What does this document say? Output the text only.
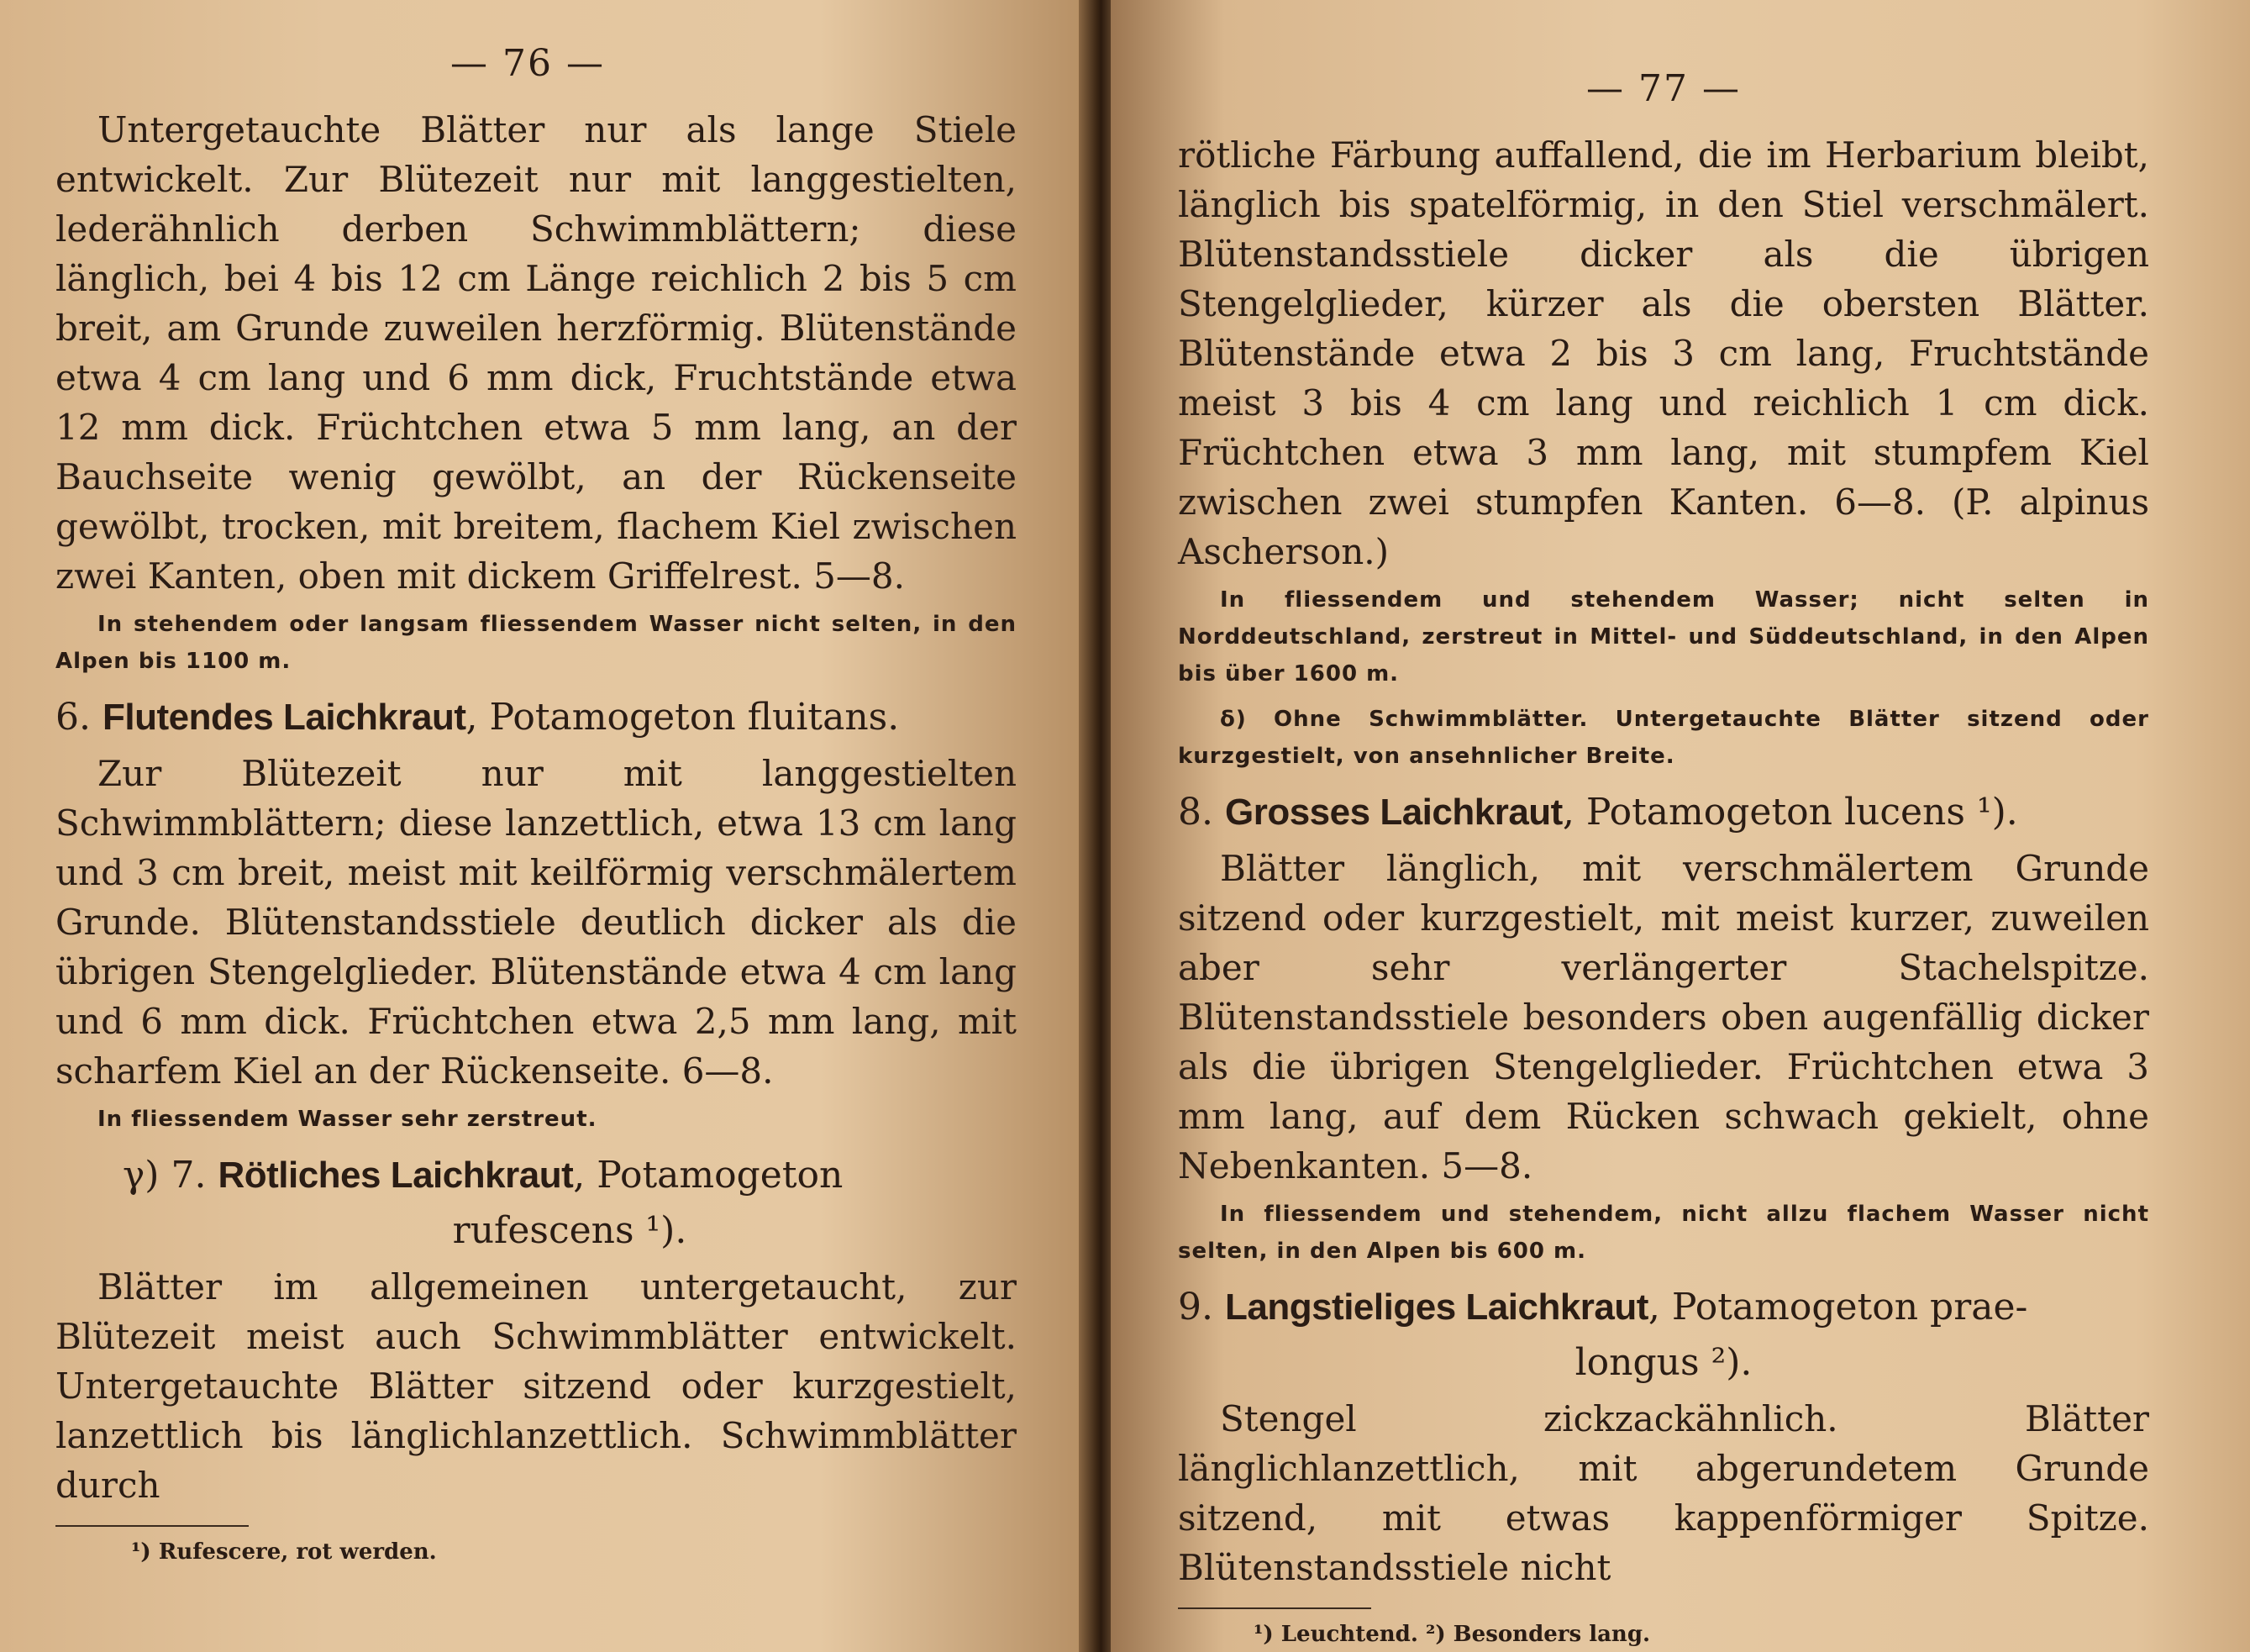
— 76 —

Untergetauchte Blätter nur als lange Stiele entwickelt. Zur Blütezeit nur mit langgestielten, lederähnlich derben Schwimmblättern; diese länglich, bei 4 bis 12 cm Länge reichlich 2 bis 5 cm breit, am Grunde zuweilen herzförmig. Blütenstände etwa 4 cm lang und 6 mm dick, Fruchtstände etwa 12 mm dick. Früchtchen etwa 5 mm lang, an der Bauchseite wenig gewölbt, an der Rückenseite gewölbt, trocken, mit breitem, flachem Kiel zwischen zwei Kanten, oben mit dickem Griffelrest. 5—8.

In stehendem oder langsam fliessendem Wasser nicht selten, in den Alpen bis 1100 m.

6. Flutendes Laichkraut, Potamogeton fluitans.

Zur Blütezeit nur mit langgestielten Schwimmblättern; diese lanzettlich, etwa 13 cm lang und 3 cm breit, meist mit keilförmig verschmälertem Grunde. Blütenstandsstiele deutlich dicker als die übrigen Stengelglieder. Blütenstände etwa 4 cm lang und 6 mm dick. Früchtchen etwa 2,5 mm lang, mit scharfem Kiel an der Rückenseite. 6—8.

In fliessendem Wasser sehr zerstreut.

γ) 7. Rötliches Laichkraut, Potamogeton
rufescens ¹).

Blätter im allgemeinen untergetaucht, zur Blütezeit meist auch Schwimmblätter entwickelt. Untergetauchte Blätter sitzend oder kurzgestielt, lanzettlich bis länglichlanzettlich. Schwimmblätter durch

¹) Rufescere, rot werden.

— 77 —

rötliche Färbung auffallend, die im Herbarium bleibt, länglich bis spatelförmig, in den Stiel verschmälert. Blütenstandsstiele dicker als die übrigen Stengelglieder, kürzer als die obersten Blätter. Blütenstände etwa 2 bis 3 cm lang, Fruchtstände meist 3 bis 4 cm lang und reichlich 1 cm dick. Früchtchen etwa 3 mm lang, mit stumpfem Kiel zwischen zwei stumpfen Kanten. 6—8. (P. alpinus Ascherson.)

In fliessendem und stehendem Wasser; nicht selten in Norddeutschland, zerstreut in Mittel- und Süddeutschland, in den Alpen bis über 1600 m.

δ) Ohne Schwimmblätter. Untergetauchte Blätter sitzend oder kurzgestielt, von ansehnlicher Breite.

8. Grosses Laichkraut, Potamogeton lucens ¹).

Blätter länglich, mit verschmälertem Grunde sitzend oder kurzgestielt, mit meist kurzer, zuweilen aber sehr verlängerter Stachelspitze. Blütenstandsstiele besonders oben augenfällig dicker als die übrigen Stengelglieder. Früchtchen etwa 3 mm lang, auf dem Rücken schwach gekielt, ohne Nebenkanten. 5—8.

In fliessendem und stehendem, nicht allzu flachem Wasser nicht selten, in den Alpen bis 600 m.

9. Langstieliges Laichkraut, Potamogeton prae-
longus ²).

Stengel zickzackähnlich. Blätter länglichlanzettlich, mit abgerundetem Grunde sitzend, mit etwas kappenförmiger Spitze. Blütenstandsstiele nicht

¹) Leuchtend. ²) Besonders lang.
